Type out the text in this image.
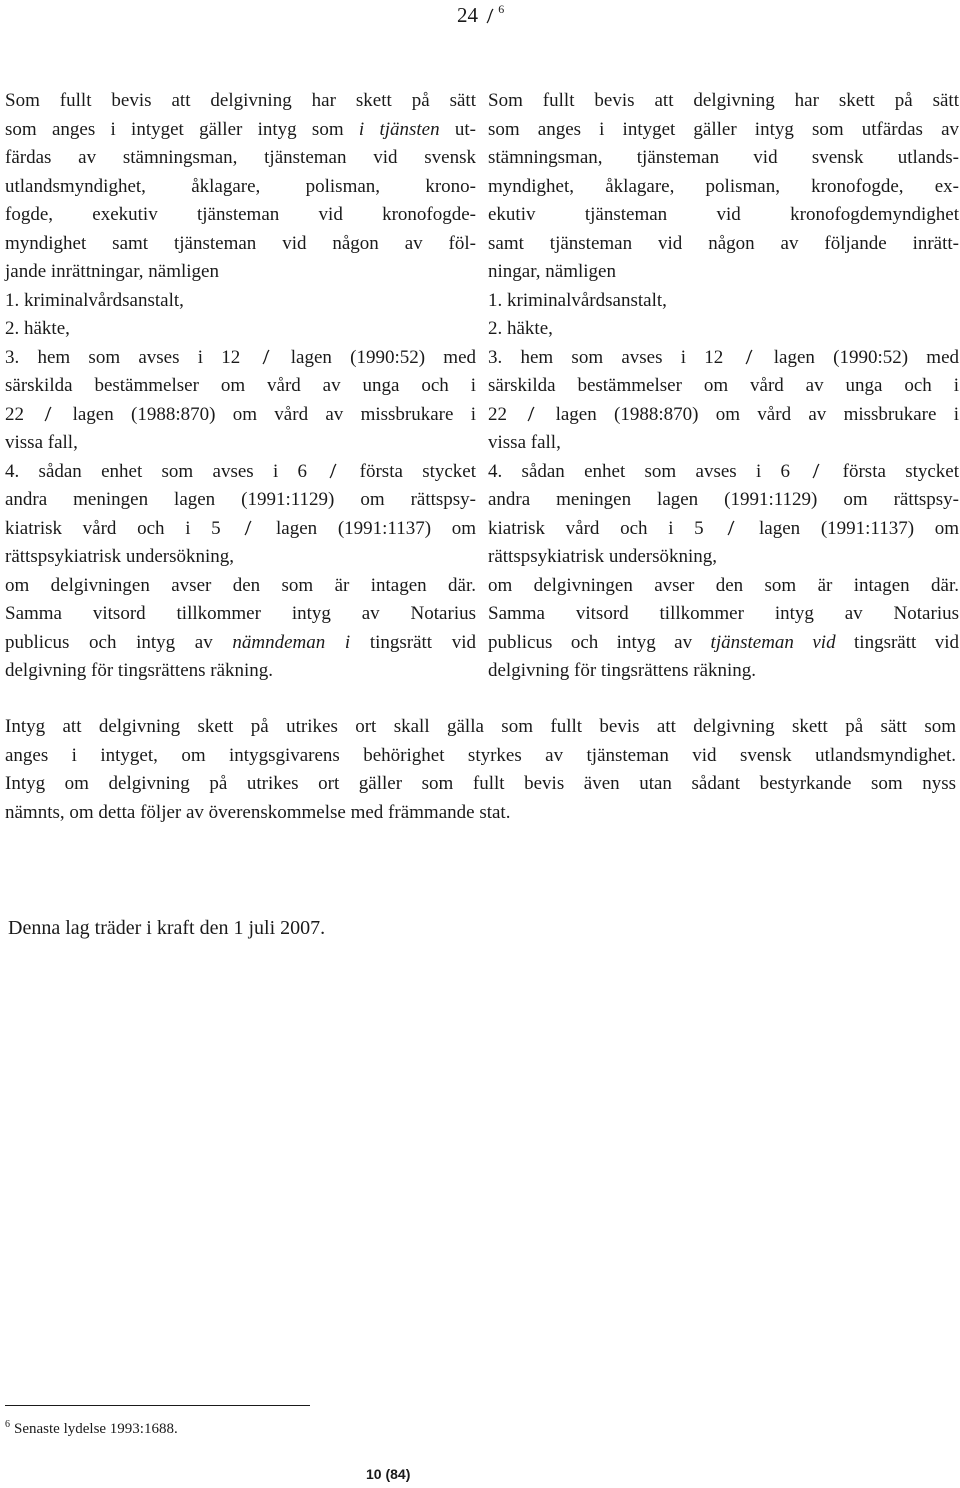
24 $^6$

Som fullt bevis att delgivning har skett på sätt
som anges i intyget gäller intyg som i tjänsten ut-
färdas av stämningsman, tjänsteman vid svensk
utlandsmyndighet, åklagare, polisman, krono-
fogde, exekutiv tjänsteman vid kronofogde-
myndighet samt tjänsteman vid någon av föl-
jande inrättningar, nämligen
1. kriminalvårdsanstalt,
2. häkte,
3. hem som avses i 12	lagen (1990:52) med
särskilda bestämmelser om vård av unga och i
22	lagen (1988:870) om vård av missbrukare i
vissa fall,
4. sådan enhet som avses i 6	första stycket
andra meningen lagen (1991:1129) om rättspsy-
kiatrisk vård och i 5	lagen (1991:1137) om
rättspsykiatrisk undersökning,
om delgivningen avser den som är intagen där.
Samma vitsord tillkommer intyg av Notarius
publicus och intyg av nämndeman i tingsrätt vid
delgivning för tingsrättens räkning.

Som fullt bevis att delgivning har skett på sätt
som anges i intyget gäller intyg som utfärdas av
stämningsman, tjänsteman vid svensk utlands-
myndighet, åklagare, polisman, kronofogde, ex-
ekutiv tjänsteman vid kronofogdemyndighet
samt tjänsteman vid någon av följande inrätt-
ningar, nämligen
1. kriminalvårdsanstalt,
2. häkte,
3. hem som avses i 12	lagen (1990:52) med
särskilda bestämmelser om vård av unga och i
22	lagen (1988:870) om vård av missbrukare i
vissa fall,
4. sådan enhet som avses i 6	första stycket
andra meningen lagen (1991:1129) om rättspsy-
kiatrisk vård och i 5	lagen (1991:1137) om
rättspsykiatrisk undersökning,
om delgivningen avser den som är intagen där.
Samma vitsord tillkommer intyg av Notarius
publicus och intyg av tjänsteman vid tingsrätt vid
delgivning för tingsrättens räkning.

Intyg att delgivning skett på utrikes ort skall gälla som fullt bevis att delgivning skett på sätt som
anges i intyget, om intygsgivarens behörighet styrkes av tjänsteman vid svensk utlandsmyndighet.
Intyg om delgivning på utrikes ort gäller som fullt bevis även utan sådant bestyrkande som nyss
nämnts, om detta följer av överenskommelse med främmande stat.
Denna lag träder i kraft den 1 juli 2007.
$^6$ Senaste lydelse 1993:1688.
10 (84)
